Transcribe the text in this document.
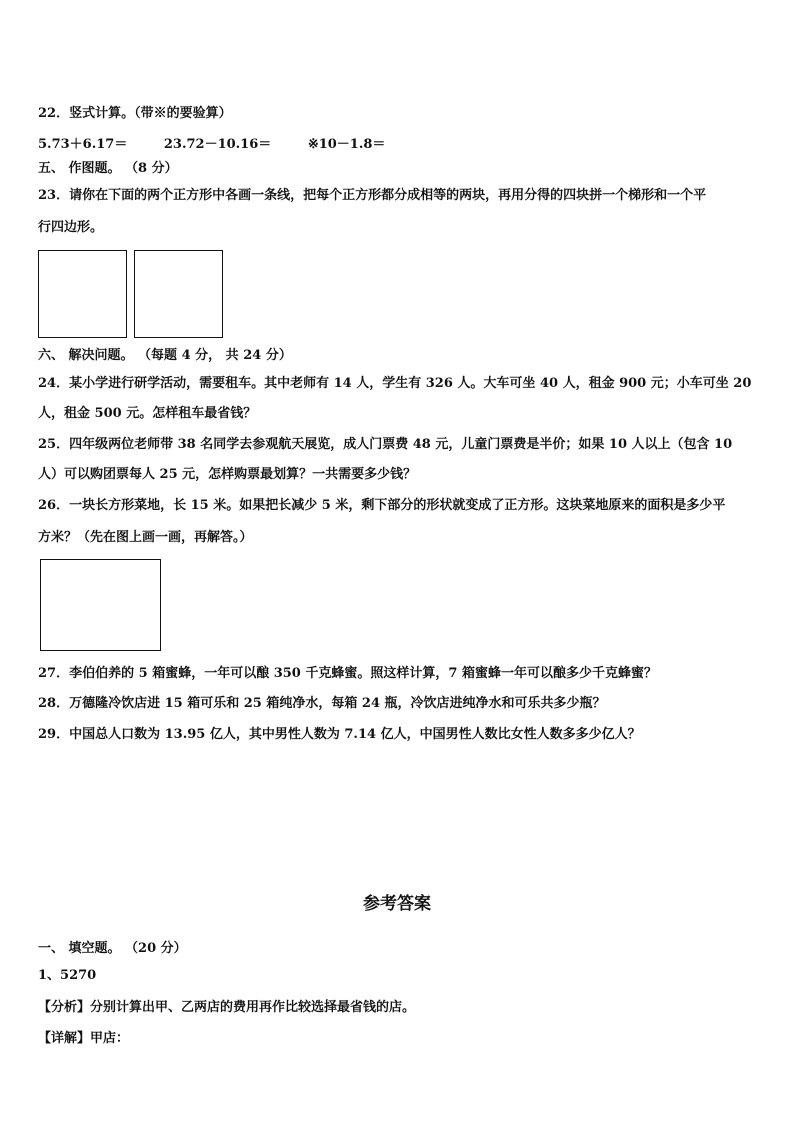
22．竖式计算。（带※的要验算）
5.73＋6.17＝	23.72－10.16＝	※10－1.8＝
五、 作图题。 （8 分）
23．请你在下面的两个正方形中各画一条线，把每个正方形都分成相等的两块，再用分得的四块拼一个梯形和一个平
行四边形。
六、 解决问题。 （每题 4 分， 共 24 分）
24．某小学进行研学活动，需要租车。其中老师有 14 人，学生有 326 人。大车可坐 40 人，租金 900 元；小车可坐 20
人，租金 500 元。怎样租车最省钱？
25．四年级两位老师带 38 名同学去参观航天展览，成人门票费 48 元，儿童门票费是半价；如果 10 人以上（包含 10
人）可以购团票每人 25 元，怎样购票最划算？一共需要多少钱？
26．一块长方形菜地，长 15 米。如果把长减少 5 米，剩下部分的形状就变成了正方形。这块菜地原来的面积是多少平
方米？（先在图上画一画，再解答。）
27．李伯伯养的 5 箱蜜蜂，一年可以酿 350 千克蜂蜜。照这样计算，7 箱蜜蜂一年可以酿多少千克蜂蜜？
28．万德隆冷饮店进 15 箱可乐和 25 箱纯净水，每箱 24 瓶，冷饮店进纯净水和可乐共多少瓶？
29．中国总人口数为 13.95 亿人，其中男性人数为 7.14 亿人，中国男性人数比女性人数多多少亿人？
参考答案
一、 填空题。 （20 分）
1、5270
【分析】分别计算出甲、乙两店的费用再作比较选择最省钱的店。
【详解】甲店：
